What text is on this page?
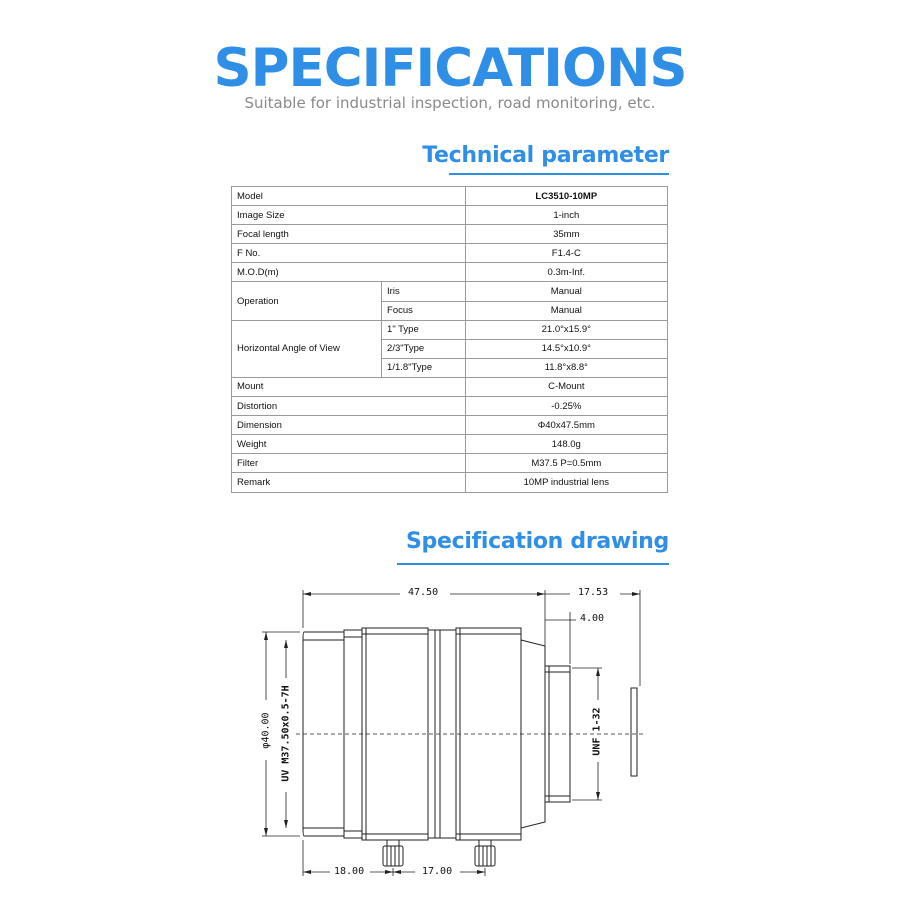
SPECIFICATIONS
Suitable for industrial inspection, road monitoring, etc.
Technical parameter
Model		LC3510-10MP
Image Size		1-inch
Focal length		35mm
F No.		F1.4-C
M.O.D(m)		0.3m-Inf.
Operation	Iris	Manual
	Focus	Manual
Horizontal Angle of View	1" Type	21.0°x15.9°
	2/3"Type	14.5°x10.9°
	1/1.8"Type	11.8°x8.8°
Mount		C-Mount
Distortion		-0.25%
Dimension		Φ40x47.5mm
Weight		148.0g
Filter		M37.5 P=0.5mm
Remark		10MP industrial lens
Specification drawing
47.50	17.53
4.00
φ40.00 UV M37.50x0.5-7H	UNF 1-32
18.00	17.00
